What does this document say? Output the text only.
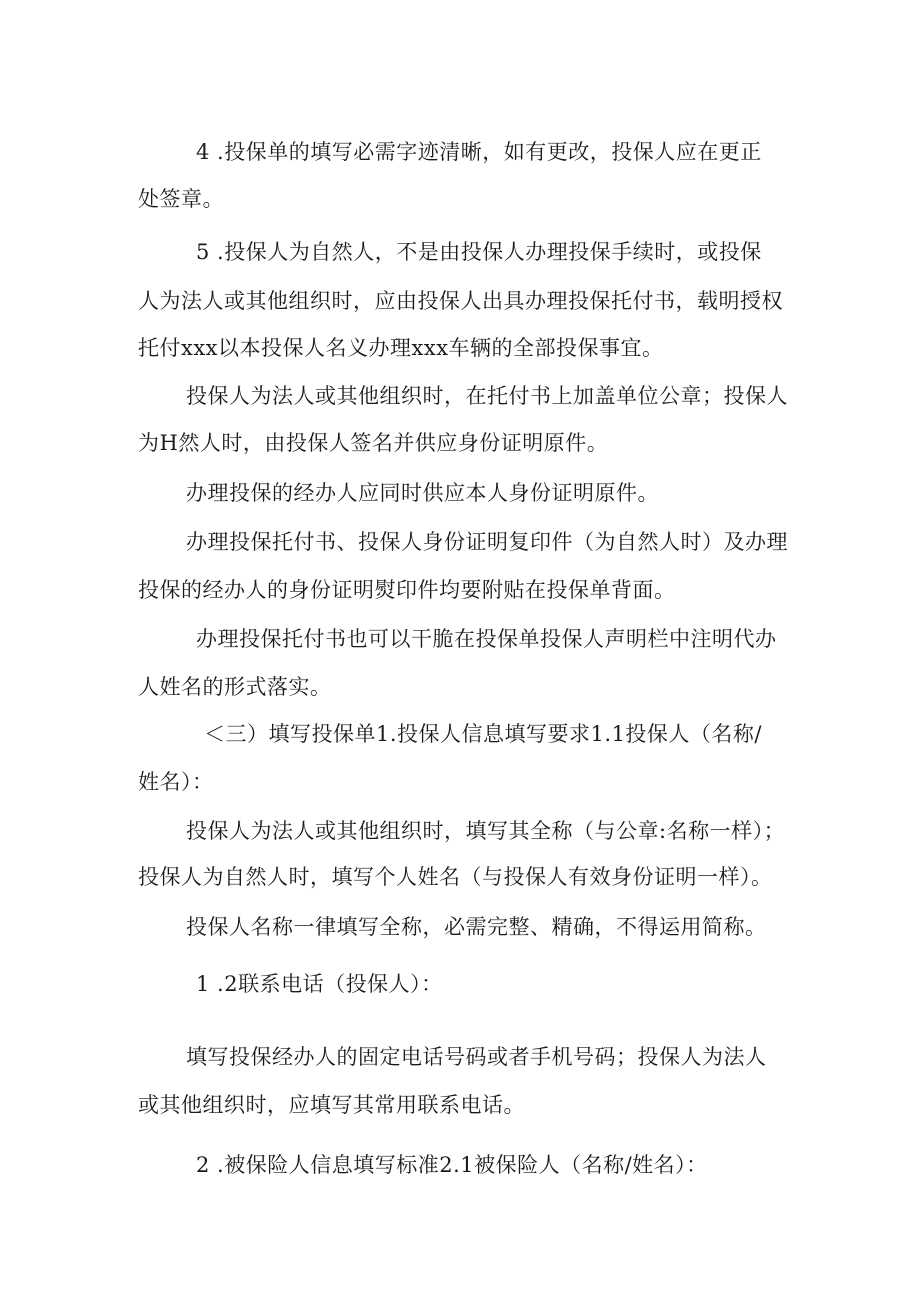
4 .投保单的填写必需字迹清晰，如有更改，投保人应在更正
处签章。
5 .投保人为自然人，不是由投保人办理投保手续时，或投保
人为法人或其他组织时，应由投保人出具办理投保托付书，载明授权
托付xxx以本投保人名义办理xxx车辆的全部投保事宜。
投保人为法人或其他组织时，在托付书上加盖单位公章；投保人
为H然人时，由投保人签名并供应身份证明原件。
办理投保的经办人应同时供应本人身份证明原件。
办理投保托付书、投保人身份证明复印件（为自然人时）及办理
投保的经办人的身份证明熨印件均要附贴在投保单背面。
办理投保托付书也可以干脆在投保单投保人声明栏中注明代办
人姓名的形式落实。
＜三）填写投保单1.投保人信息填写要求1.1投保人（名称/
姓名）：
投保人为法人或其他组织时，填写其全称（与公章:名称一样）；
投保人为自然人时，填写个人姓名（与投保人有效身份证明一样）。
投保人名称一律填写全称，必需完整、精确，不得运用简称。
1 .2联系电话（投保人）：
填写投保经办人的固定电话号码或者手机号码；投保人为法人
或其他组织时，应填写其常用联系电话。
2 .被保险人信息填写标准2.1被保险人（名称/姓名）：
